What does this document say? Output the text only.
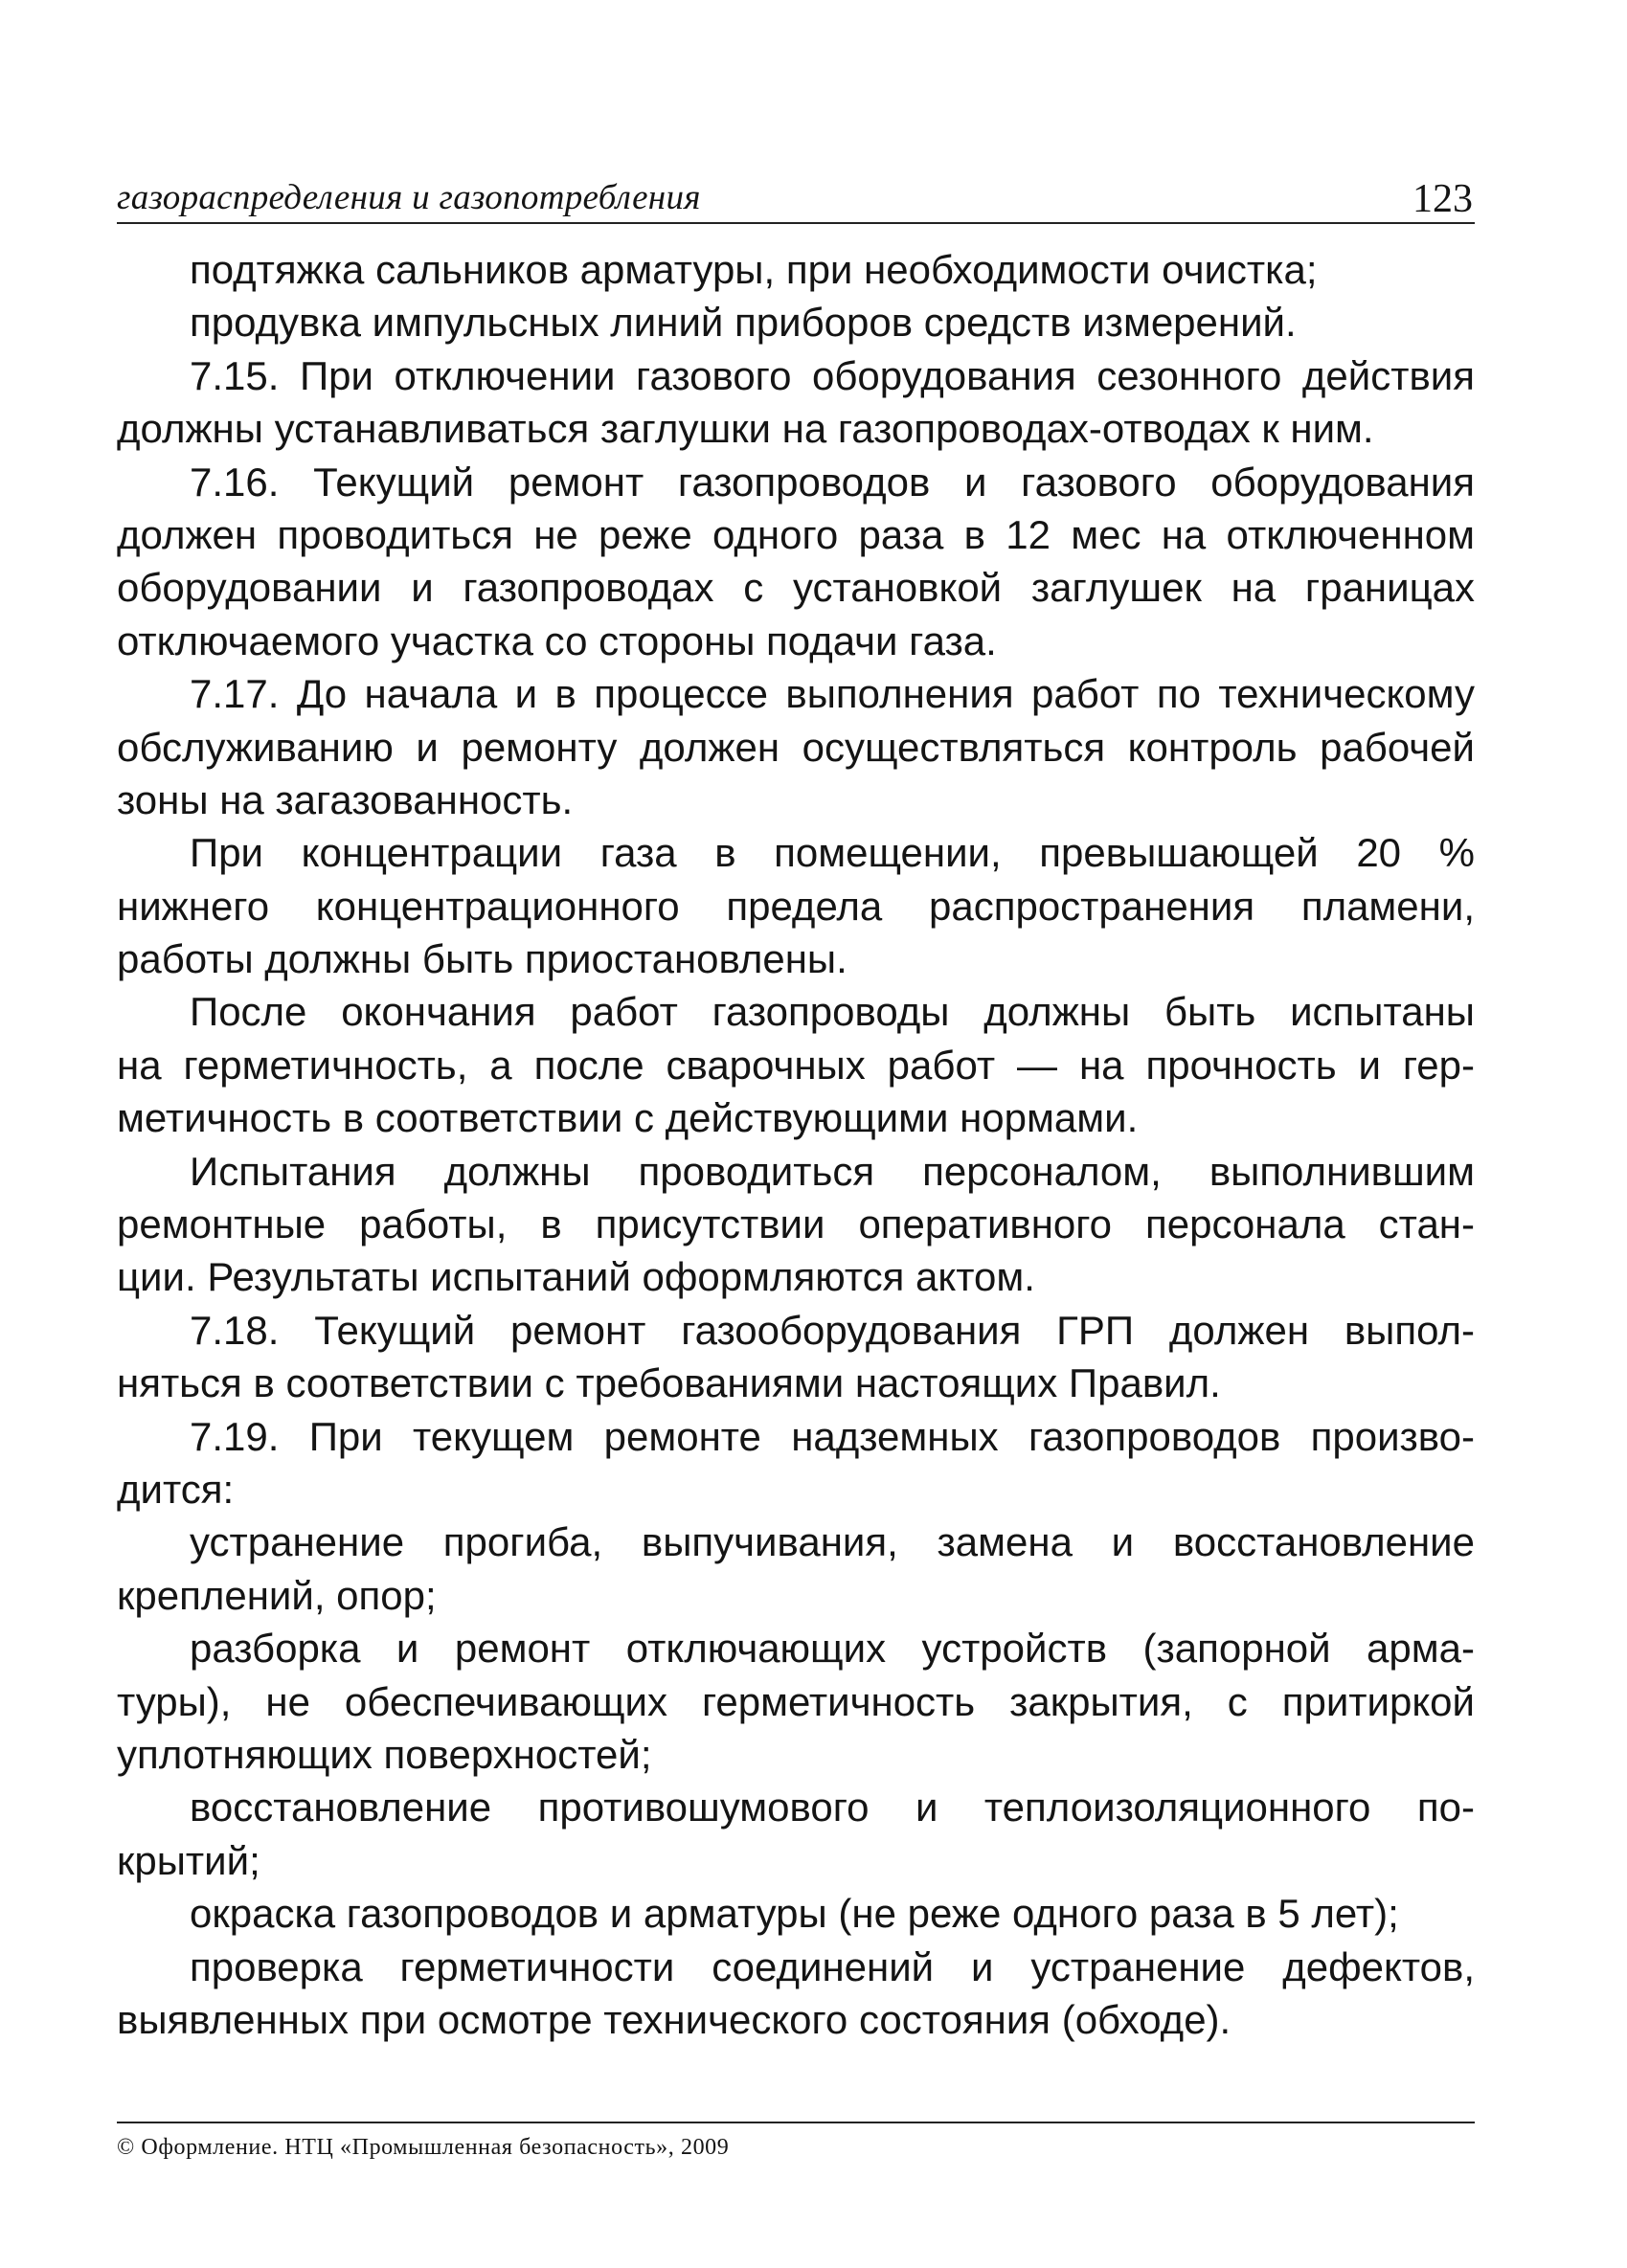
газораспределения и газопотребления	123
подтяжка сальников арматуры, при необходимости очистка;
продувка импульсных линий приборов средств измерений.
7.15. При отключении газового оборудования сезонного действия
должны устанавливаться заглушки на газопроводах-отводах к ним.
7.16. Текущий ремонт газопроводов и газового оборудования
должен проводиться не реже одного раза в 12 мес на отключенном
оборудовании и газопроводах с установкой заглушек на границах
отключаемого участка со стороны подачи газа.
7.17. До начала и в процессе выполнения работ по техническому
обслуживанию и ремонту должен осуществляться контроль рабочей
зоны на загазованность.
При концентрации газа в помещении, превышающей 20 %
нижнего концентрационного предела распространения пламени,
работы должны быть приостановлены.
После окончания работ газопроводы должны быть испытаны
на герметичность, а после сварочных работ — на прочность и гер-
метичность в соответствии с действующими нормами.
Испытания должны проводиться персоналом, выполнившим
ремонтные работы, в присутствии оперативного персонала стан-
ции. Результаты испытаний оформляются актом.
7.18. Текущий ремонт газооборудования ГРП должен выпол-
няться в соответствии с требованиями настоящих Правил.
7.19. При текущем ремонте надземных газопроводов произво-
дится:
устранение прогиба, выпучивания, замена и восстановление
креплений, опор;
разборка и ремонт отключающих устройств (запорной арма-
туры), не обеспечивающих герметичность закрытия, с притиркой
уплотняющих поверхностей;
восстановление противошумового и теплоизоляционного по-
крытий;
окраска газопроводов и арматуры (не реже одного раза в 5 лет);
проверка герметичности соединений и устранение дефектов,
выявленных при осмотре технического состояния (обходе).
© Оформление. НТЦ «Промышленная безопасность», 2009
